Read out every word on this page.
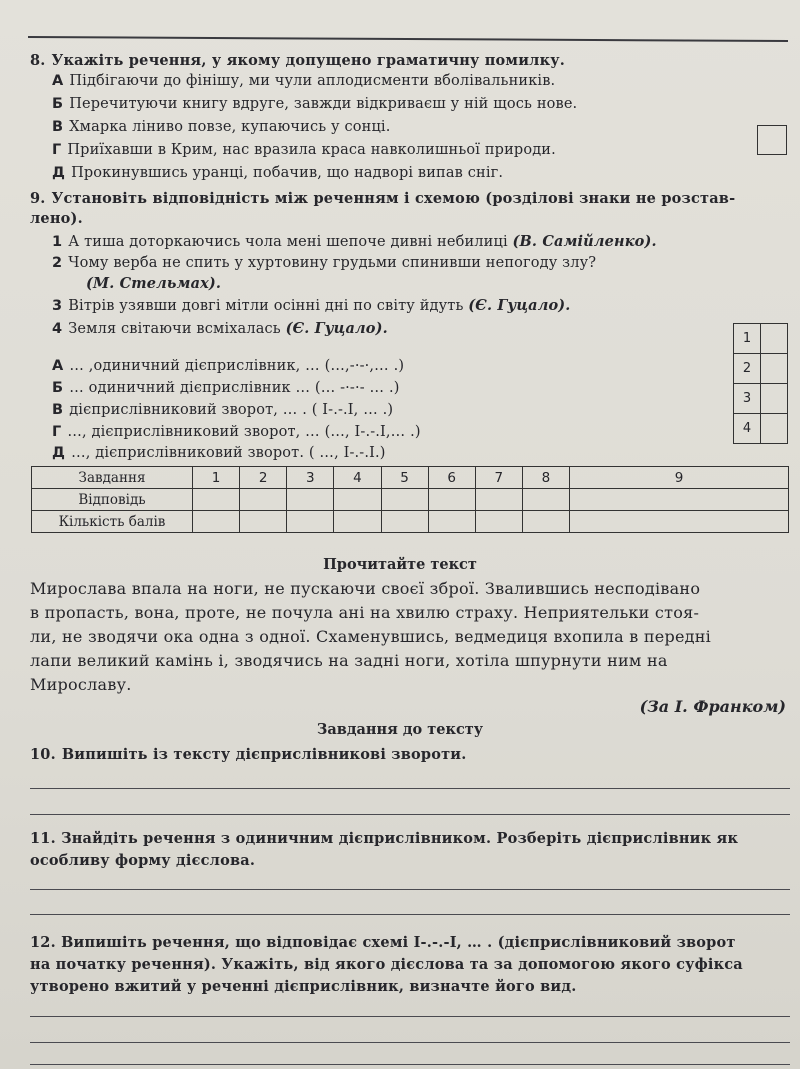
8. Укажіть речення, у якому допущено граматичну помилку.
А Підбігаючи до фінішу, ми чули аплодисменти вболівальників.
Б Перечитуючи книгу вдруге, завжди відкриваєш у ній щось нове.
В Хмарка ліниво повзе, купаючись у сонці.
Г Приїхавши в Крим, нас вразила краса навколишньої природи.
Д Прокинувшись уранці, побачив, що надворі випав сніг.
9. Установіть відповідність між реченням і схемою (розділові знаки не розстав-
лено).
1 А тиша доторкаючись чола мені шепоче дивні небилиці (В. Самійленко).
2 Чому верба не спить у хуртовину грудьми спинивши непогоду злу?
(М. Стельмах).
3 Вітрів узявши довгі мітли осінні дні по світу йдуть (Є. Гуцало).
4 Земля світаючи всміхалась (Є. Гуцало).
А … ,одиничний дієприслівник, … (…,-·-·,… .)
Б … одиничний дієприслівник … (… -·-·- … .)
В дієприслівниковий зворот, … . ( І-.-.І, … .)
Г …, дієприслівниковий зворот, … (…, І-.-.І,… .)
Д …, дієприслівниковий зворот. ( …, І-.-.І.)
1	
2	
3	
4	
Завдання	1	2	3	4	5	6	7	8	9
Відповідь									
Кількість балів									
Прочитайте текст
Мирослава впала на ноги, не пускаючи своєї зброї. Звалившись несподівано
в пропасть, вона, проте, не почула ані на хвилю страху. Неприятельки стоя-
ли, не зводячи ока одна з одної. Схаменувшись, ведмедиця вхопила в передні
лапи великий камінь і, зводячись на задні ноги, хотіла шпурнути ним на
Мирославу.
(За І. Франком)
Завдання до тексту
10. Випишіть із тексту дієприслівникові звороти.
11. Знайдіть речення з одиничним дієприслівником. Розберіть дієприслівник як
особливу форму дієслова.
12. Випишіть речення, що відповідає схемі І-.-.-І, … . (дієприслівниковий зворот
на початку речення). Укажіть, від якого дієслова та за допомогою якого суфікса
утворено вжитий у реченні дієприслівник, визначте його вид.
